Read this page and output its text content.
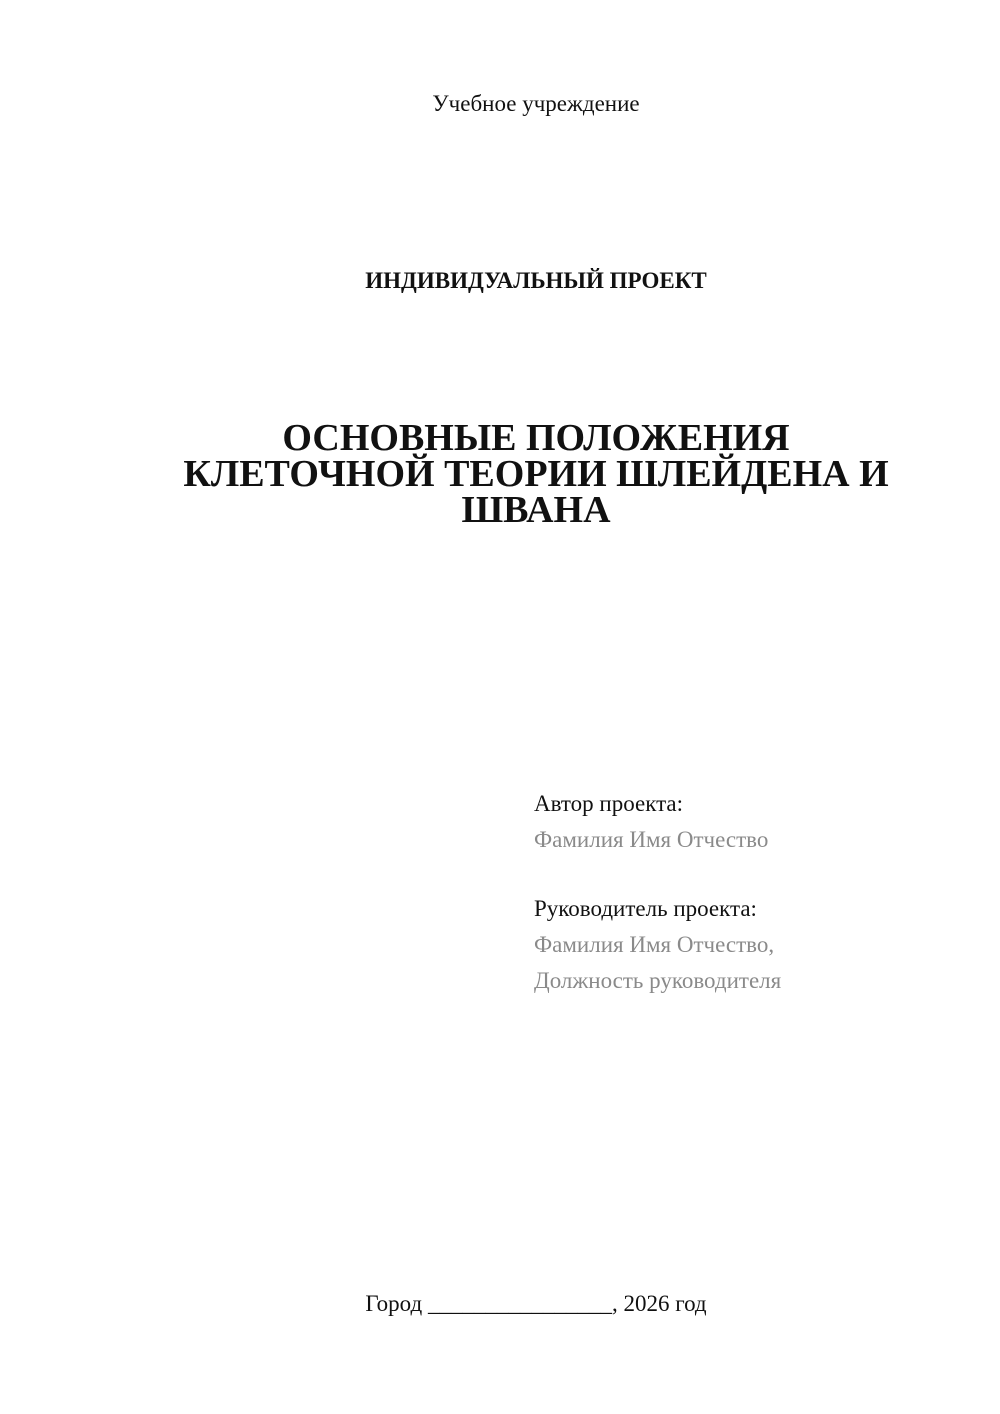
Учебное учреждение
ИНДИВИДУАЛЬНЫЙ ПРОЕКТ
ОСНОВНЫЕ ПОЛОЖЕНИЯ
КЛЕТОЧНОЙ ТЕОРИИ ШЛЕЙДЕНА И
ШВАНА
Автор проекта:
Фамилия Имя Отчество
Руководитель проекта:
Фамилия Имя Отчество,
Должность руководителя
Город ________________, 2026 год
